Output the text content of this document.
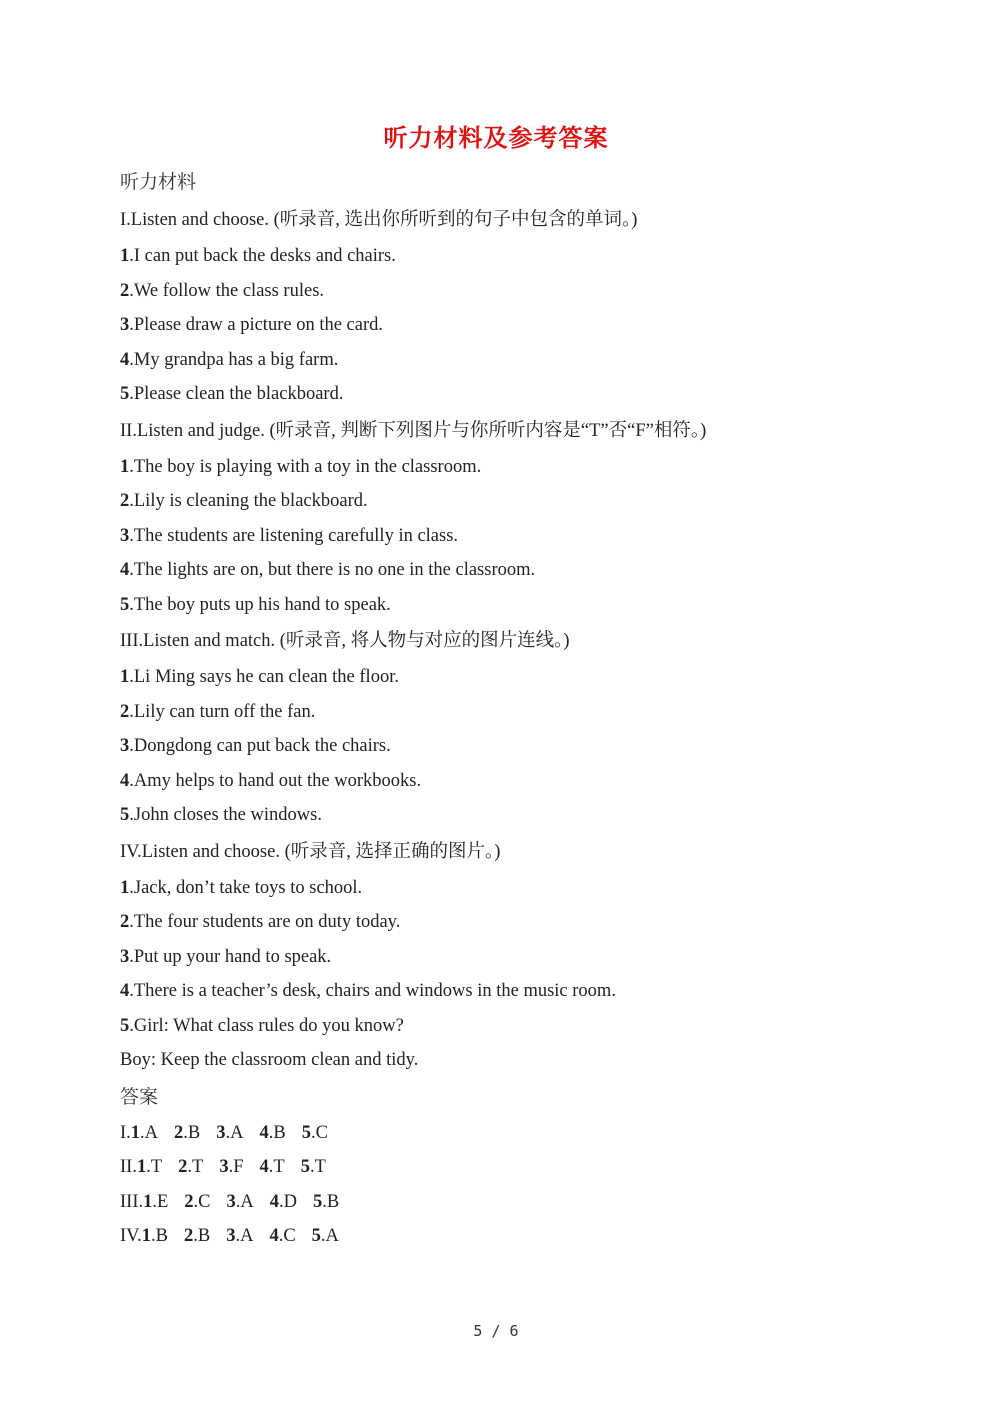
听力材料及参考答案
听力材料
I.Listen and choose. (听录音, 选出你所听到的句子中包含的单词。)
1.I can put back the desks and chairs.
2.We follow the class rules.
3.Please draw a picture on the card.
4.My grandpa has a big farm.
5.Please clean the blackboard.
II.Listen and judge. (听录音, 判断下列图片与你所听内容是“T”否“F”相符。)
1.The boy is playing with a toy in the classroom.
2.Lily is cleaning the blackboard.
3.The students are listening carefully in class.
4.The lights are on, but there is no one in the classroom.
5.The boy puts up his hand to speak.
III.Listen and match. (听录音, 将人物与对应的图片连线。)
1.Li Ming says he can clean the floor.
2.Lily can turn off the fan.
3.Dongdong can put back the chairs.
4.Amy helps to hand out the workbooks.
5.John closes the windows.
IV.Listen and choose. (听录音, 选择正确的图片。)
1.Jack, don’t take toys to school.
2.The four students are on duty today.
3.Put up your hand to speak.
4.There is a teacher’s desk, chairs and windows in the music room.
5.Girl: What class rules do you know?
Boy: Keep the classroom clean and tidy.
答案
I.1.A 2.B 3.A 4.B 5.C
II.1.T 2.T 3.F 4.T 5.T
III.1.E 2.C 3.A 4.D 5.B
IV.1.B 2.B 3.A 4.C 5.A
5 / 6
